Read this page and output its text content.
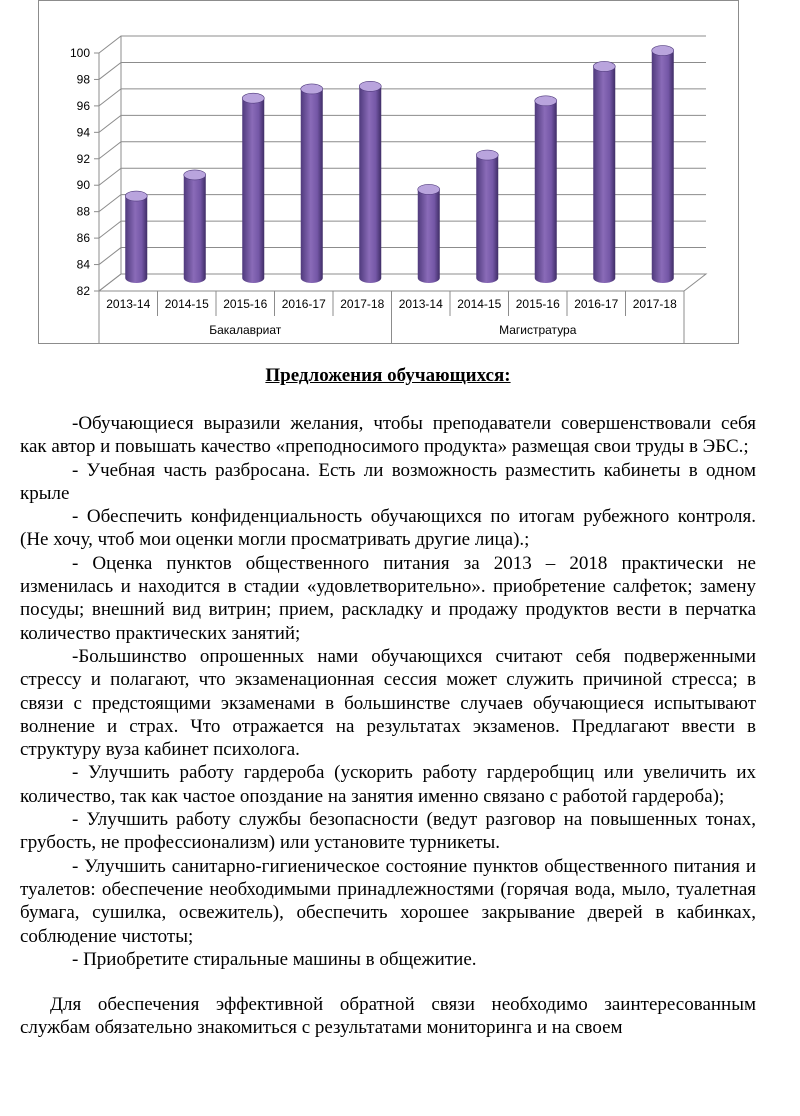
100
98
96
94
92
90
88
86
84
82
2013-14 2014-15 2015-16 2016-17 2017-18 2013-14 2014-15 2015-16 2016-17 2017-18
Бакалавриат	Магистратура

Предложения обучающихся:

-Обучающиеся выразили желания, чтобы преподаватели совершенствовали себя как автор и повышать качество «преподносимого продукта» размещая свои труды в ЭБС.;

- Учебная часть разбросана. Есть ли возможность разместить кабинеты в одном крыле

- Обеспечить конфиденциальность обучающихся по итогам рубежного контроля. (Не хочу, чтоб мои оценки могли просматривать другие лица).;

- Оценка пунктов общественного питания за 2013 – 2018 практически не изменилась и находится в стадии «удовлетворительно». приобретение салфеток; замену посуды; внешний вид витрин; прием, раскладку и продажу продуктов вести в перчатка количество практических занятий;

-Большинство опрошенных нами обучающихся считают себя подверженными стрессу и полагают, что экзаменационная сессия может служить причиной стресса; в связи с предстоящими экзаменами в большинстве случаев обучающиеся испытывают волнение и страх. Что отражается на результатах экзаменов. Предлагают ввести в структуру вуза кабинет психолога.

- Улучшить работу гардероба (ускорить работу гардеробщиц или увеличить их количество, так как частое опоздание на занятия именно связано с работой гардероба);

- Улучшить работу службы безопасности (ведут разговор на повышенных тонах, грубость, не профессионализм) или установите турникеты.

- Улучшить санитарно-гигиеническое состояние пунктов общественного питания и туалетов: обеспечение необходимыми принадлежностями (горячая вода, мыло, туалетная бумага, сушилка, освежитель), обеспечить хорошее закрывание дверей в кабинках, соблюдение чистоты;

- Приобретите стиральные машины в общежитие.

Для обеспечения эффективной обратной связи необходимо заинтересованным службам обязательно знакомиться с результатами мониторинга и на своем
